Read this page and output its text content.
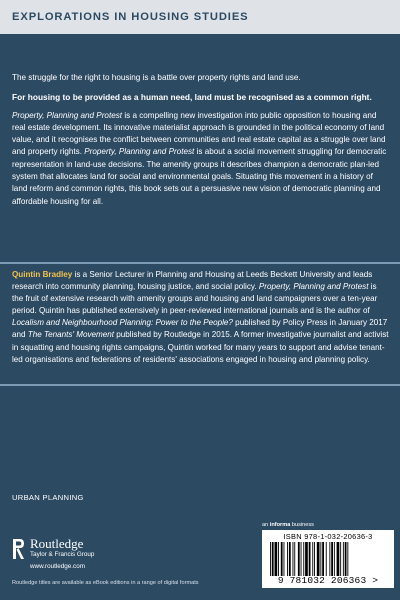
EXPLORATIONS IN HOUSING STUDIES

The struggle for the right to housing is a battle over property rights and land use.

For housing to be provided as a human need, land must be recognised as a common right.

Property, Planning and Protest is a compelling new investigation into public opposition to housing and real estate development. Its innovative materialist approach is grounded in the political economy of land value, and it recognises the conflict between communities and real estate capital as a struggle over land and property rights. Property, Planning and Protest is about a social movement struggling for democratic representation in land-use decisions. The amenity groups it describes champion a democratic plan-led system that allocates land for social and environmental goals. Situating this movement in a history of land reform and common rights, this book sets out a persuasive new vision of democratic planning and affordable housing for all.

Quintin Bradley is a Senior Lecturer in Planning and Housing at Leeds Beckett University and leads research into community planning, housing justice, and social policy. Property, Planning and Protest is the fruit of extensive research with amenity groups and housing and land campaigners over a ten-year period. Quintin has published extensively in peer-reviewed international journals and is the author of Localism and Neighbourhood Planning: Power to the People? published by Policy Press in January 2017 and The Tenants' Movement published by Routledge in 2015. A former investigative journalist and activist in squatting and housing rights campaigns, Quintin worked for many years to support and advise tenant-led organisations and federations of residents' associations engaged in housing and planning policy.
URBAN PLANNING
Routledge
Taylor & Francis Group
www.routledge.com
Routledge titles are available as eBook editions in a range of digital formats
an informa business
ISBN 978-1-032-20636-3
9 781032 206363 >
